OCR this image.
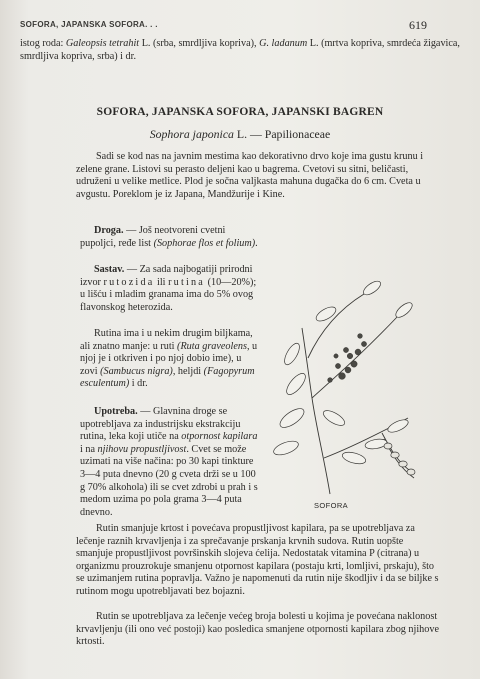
SOFORA, JAPANSKA SOFORA. . .	619
istog roda: Galeopsis tetrahit L. (srba, smrdljiva kopriva), G. ladanum L. (mrtva kopriva, smrdeća žigavica, smrdljiva kopriva, srba) i dr.
SOFORA, JAPANSKA SOFORA, JAPANSKI BAGREN
Sophora japonica L. — Papilionaceae
Sadi se kod nas na javnim mestima kao dekorativno drvo koje ima gustu krunu i zelene grane. Listovi su perasto deljeni kao u bagrema. Cvetovi su sitni, beličasti, udruženi u velike metlice. Plod je sočna valjkasta mahuna dugačka do 6 cm. Cveta u avgustu. Poreklom je iz Japana, Mandžurije i Kine.
Droga. — Još neotvoreni cvetni pupoljci, ređe list (Sophorae flos et folium).
Sastav. — Za sada najbogatiji prirodni izvor rutozida ili rutina (10—20%); u lišću i mladim granama ima do 5% ovog flavonskog heterozida.
Rutina ima i u nekim drugim biljkama, ali znatno manje: u ruti (Ruta graveolens, u njoj je i otkriven i po njoj dobio ime), u zovi (Sambucus nigra), heljdi (Fagopyrum esculentum) i dr.
Upotreba. — Glavnina droge se upotrebljava za industrijsku ekstrakciju rutina, leka koji utiče na otpornost kapilara i na njihovu propustljivost. Cvet se može uzimati na više načina: po 30 kapi tinkture 3—4 puta dnevno (20 g cveta drži se u 100 g 70% alkohola) ili se cvet zdrobi u prah i s medom uzima po pola grama 3—4 puta dnevno.
SOFORA
Rutin smanjuje krtost i povećava propustljivost kapilara, pa se upotrebljava za lečenje raznih krvavljenja i za sprečavanje prskanja krvnih sudova. Rutin uopšte smanjuje propustljivost površinskih slojeva ćelija. Nedostatak vitamina P (citrana) u organizmu prouzrokuje smanjenu otpornost kapilara (postaju krti, lomljivi, prskaju), što se uzimanjem rutina popravlja. Važno je napomenuti da rutin nije škodljiv i da se biljke s rutinom mogu upotrebljavati bez bojazni.
Rutin se upotrebljava za lečenje većeg broja bolesti u kojima je povećana naklonost krvavljenju (ili ono već postoji) kao posledica smanjene otpornosti kapilara zbog njihove krtosti.
